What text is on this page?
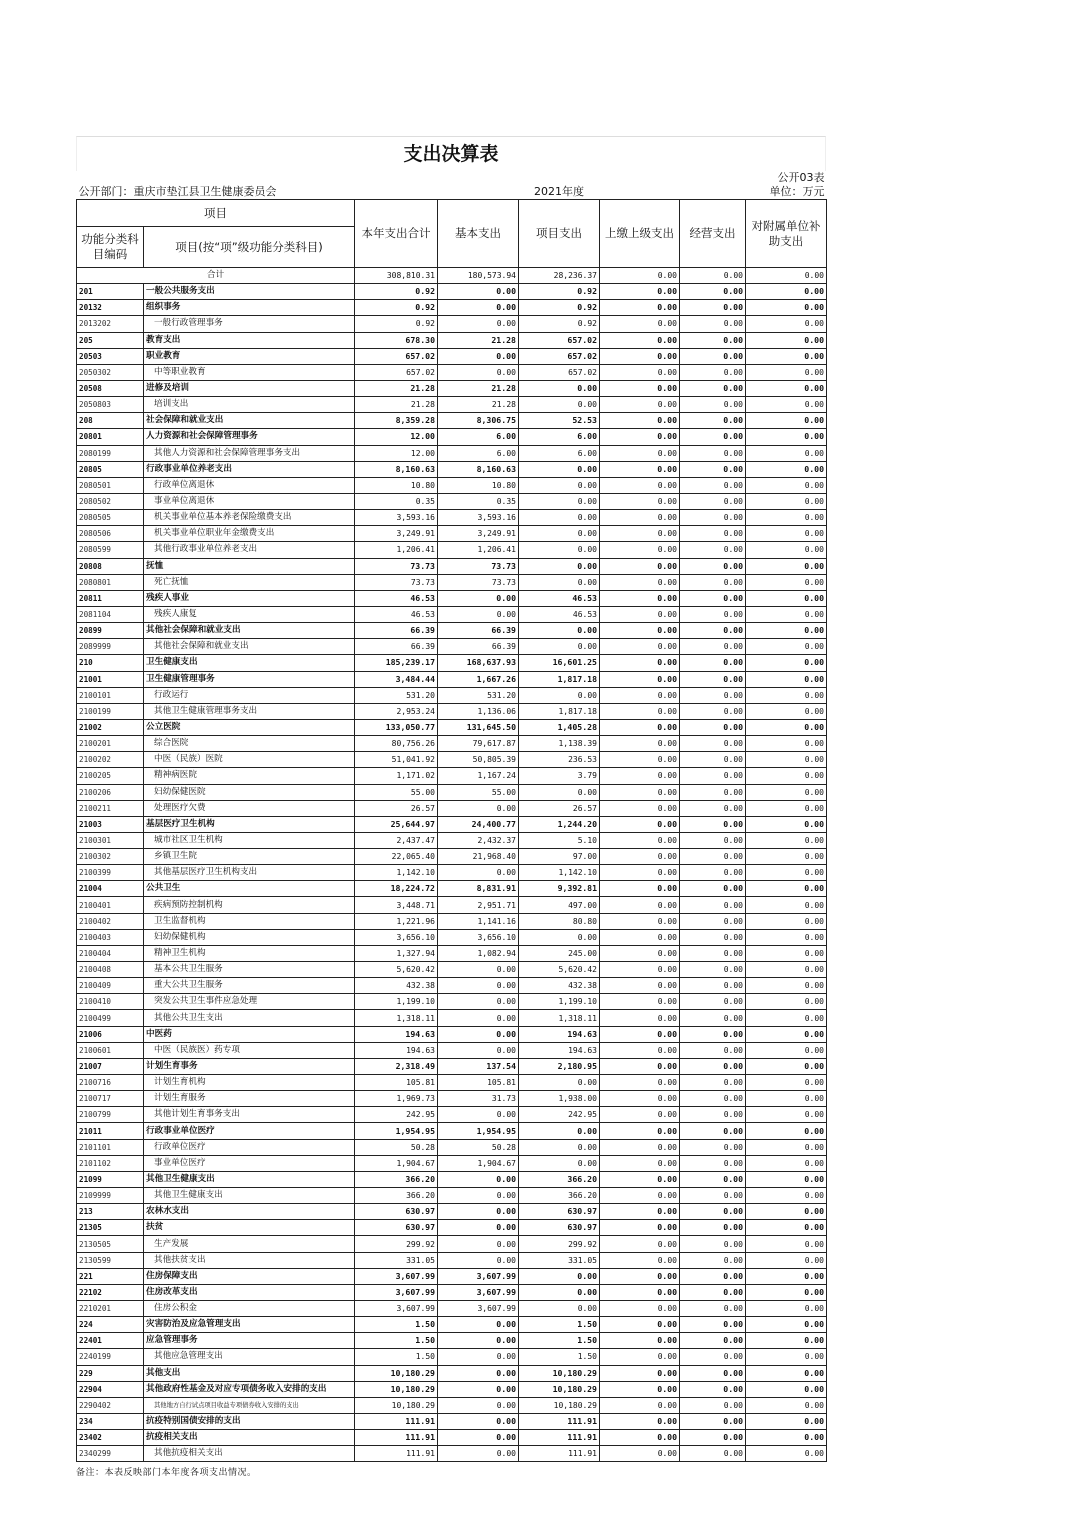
支出决算表
							公开03表
公开部门：重庆市垫江县卫生健康委员会				2021年度			单位：万元
项目		本年支出合计	基本支出	项目支出	上缴上级支出	经营支出	对附属单位补助支出
功能分类科目编码	项目(按“项”级功能分类科目)						
合计		308,810.31	180,573.94	28,236.37	0.00	0.00	0.00
201	一般公共服务支出	0.92	0.00	0.92	0.00	0.00	0.00
20132	组织事务	0.92	0.00	0.92	0.00	0.00	0.00
2013202	一般行政管理事务	0.92	0.00	0.92	0.00	0.00	0.00
205	教育支出	678.30	21.28	657.02	0.00	0.00	0.00
20503	职业教育	657.02	0.00	657.02	0.00	0.00	0.00
2050302	中等职业教育	657.02	0.00	657.02	0.00	0.00	0.00
20508	进修及培训	21.28	21.28	0.00	0.00	0.00	0.00
2050803	培训支出	21.28	21.28	0.00	0.00	0.00	0.00
208	社会保障和就业支出	8,359.28	8,306.75	52.53	0.00	0.00	0.00
20801	人力资源和社会保障管理事务	12.00	6.00	6.00	0.00	0.00	0.00
2080199	其他人力资源和社会保障管理事务支出	12.00	6.00	6.00	0.00	0.00	0.00
20805	行政事业单位养老支出	8,160.63	8,160.63	0.00	0.00	0.00	0.00
2080501	行政单位离退休	10.80	10.80	0.00	0.00	0.00	0.00
2080502	事业单位离退休	0.35	0.35	0.00	0.00	0.00	0.00
2080505	机关事业单位基本养老保险缴费支出	3,593.16	3,593.16	0.00	0.00	0.00	0.00
2080506	机关事业单位职业年金缴费支出	3,249.91	3,249.91	0.00	0.00	0.00	0.00
2080599	其他行政事业单位养老支出	1,206.41	1,206.41	0.00	0.00	0.00	0.00
20808	抚恤	73.73	73.73	0.00	0.00	0.00	0.00
2080801	死亡抚恤	73.73	73.73	0.00	0.00	0.00	0.00
20811	残疾人事业	46.53	0.00	46.53	0.00	0.00	0.00
2081104	残疾人康复	46.53	0.00	46.53	0.00	0.00	0.00
20899	其他社会保障和就业支出	66.39	66.39	0.00	0.00	0.00	0.00
2089999	其他社会保障和就业支出	66.39	66.39	0.00	0.00	0.00	0.00
210	卫生健康支出	185,239.17	168,637.93	16,601.25	0.00	0.00	0.00
21001	卫生健康管理事务	3,484.44	1,667.26	1,817.18	0.00	0.00	0.00
2100101	行政运行	531.20	531.20	0.00	0.00	0.00	0.00
2100199	其他卫生健康管理事务支出	2,953.24	1,136.06	1,817.18	0.00	0.00	0.00
21002	公立医院	133,050.77	131,645.50	1,405.28	0.00	0.00	0.00
2100201	综合医院	80,756.26	79,617.87	1,138.39	0.00	0.00	0.00
2100202	中医（民族）医院	51,041.92	50,805.39	236.53	0.00	0.00	0.00
2100205	精神病医院	1,171.02	1,167.24	3.79	0.00	0.00	0.00
2100206	妇幼保健医院	55.00	55.00	0.00	0.00	0.00	0.00
2100211	处理医疗欠费	26.57	0.00	26.57	0.00	0.00	0.00
21003	基层医疗卫生机构	25,644.97	24,400.77	1,244.20	0.00	0.00	0.00
2100301	城市社区卫生机构	2,437.47	2,432.37	5.10	0.00	0.00	0.00
2100302	乡镇卫生院	22,065.40	21,968.40	97.00	0.00	0.00	0.00
2100399	其他基层医疗卫生机构支出	1,142.10	0.00	1,142.10	0.00	0.00	0.00
21004	公共卫生	18,224.72	8,831.91	9,392.81	0.00	0.00	0.00
2100401	疾病预防控制机构	3,448.71	2,951.71	497.00	0.00	0.00	0.00
2100402	卫生监督机构	1,221.96	1,141.16	80.80	0.00	0.00	0.00
2100403	妇幼保健机构	3,656.10	3,656.10	0.00	0.00	0.00	0.00
2100404	精神卫生机构	1,327.94	1,082.94	245.00	0.00	0.00	0.00
2100408	基本公共卫生服务	5,620.42	0.00	5,620.42	0.00	0.00	0.00
2100409	重大公共卫生服务	432.38	0.00	432.38	0.00	0.00	0.00
2100410	突发公共卫生事件应急处理	1,199.10	0.00	1,199.10	0.00	0.00	0.00
2100499	其他公共卫生支出	1,318.11	0.00	1,318.11	0.00	0.00	0.00
21006	中医药	194.63	0.00	194.63	0.00	0.00	0.00
2100601	中医（民族医）药专项	194.63	0.00	194.63	0.00	0.00	0.00
21007	计划生育事务	2,318.49	137.54	2,180.95	0.00	0.00	0.00
2100716	计划生育机构	105.81	105.81	0.00	0.00	0.00	0.00
2100717	计划生育服务	1,969.73	31.73	1,938.00	0.00	0.00	0.00
2100799	其他计划生育事务支出	242.95	0.00	242.95	0.00	0.00	0.00
21011	行政事业单位医疗	1,954.95	1,954.95	0.00	0.00	0.00	0.00
2101101	行政单位医疗	50.28	50.28	0.00	0.00	0.00	0.00
2101102	事业单位医疗	1,904.67	1,904.67	0.00	0.00	0.00	0.00
21099	其他卫生健康支出	366.20	0.00	366.20	0.00	0.00	0.00
2109999	其他卫生健康支出	366.20	0.00	366.20	0.00	0.00	0.00
213	农林水支出	630.97	0.00	630.97	0.00	0.00	0.00
21305	扶贫	630.97	0.00	630.97	0.00	0.00	0.00
2130505	生产发展	299.92	0.00	299.92	0.00	0.00	0.00
2130599	其他扶贫支出	331.05	0.00	331.05	0.00	0.00	0.00
221	住房保障支出	3,607.99	3,607.99	0.00	0.00	0.00	0.00
22102	住房改革支出	3,607.99	3,607.99	0.00	0.00	0.00	0.00
2210201	住房公积金	3,607.99	3,607.99	0.00	0.00	0.00	0.00
224	灾害防治及应急管理支出	1.50	0.00	1.50	0.00	0.00	0.00
22401	应急管理事务	1.50	0.00	1.50	0.00	0.00	0.00
2240199	其他应急管理支出	1.50	0.00	1.50	0.00	0.00	0.00
229	其他支出	10,180.29	0.00	10,180.29	0.00	0.00	0.00
22904	其他政府性基金及对应专项债务收入安排的支出	10,180.29	0.00	10,180.29	0.00	0.00	0.00
2290402	其他地方自行试点项目收益专项债券收入安排的支出	10,180.29	0.00	10,180.29	0.00	0.00	0.00
234	抗疫特别国债安排的支出	111.91	0.00	111.91	0.00	0.00	0.00
23402	抗疫相关支出	111.91	0.00	111.91	0.00	0.00	0.00
2340299	其他抗疫相关支出	111.91	0.00	111.91	0.00	0.00	0.00
备注：本表反映部门本年度各项支出情况。
